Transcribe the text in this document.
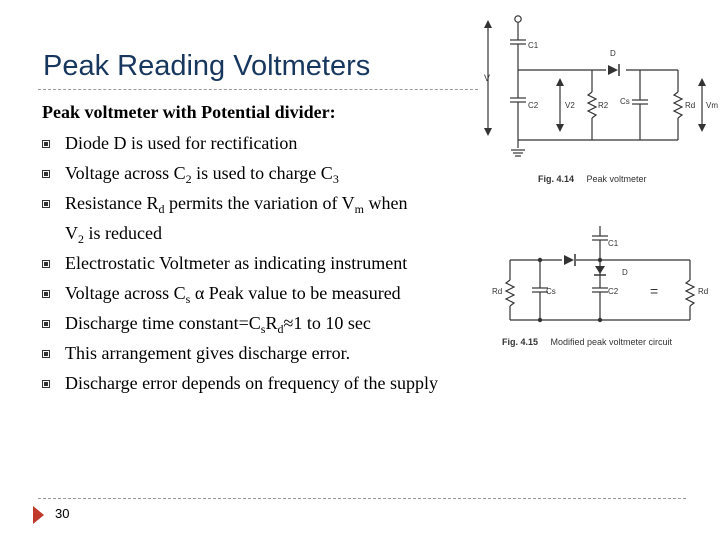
Peak Reading Voltmeters
Peak voltmeter with Potential divider:
Diode D is used for rectification
Voltage across $C_2$ is used to charge $C_3$
Resistance $R_d$ permits the variation of $V_m$ when
$V_2$ is reduced
Electrostatic Voltmeter as indicating instrument
Voltage across $C_s$ α Peak value to be measured
Discharge time $constant=C_sR_d\approx 1$ to 10 sec
This arrangement gives discharge error.
Discharge error depends on frequency of the supply
V
C1
C2	V2	R2 Cs	Rd Vm
D
Fig. 4.14 Peak voltmeter
Rd	Cs
C1
D
C2 =	Rd
Fig. 4.15 Modified peak voltmeter circuit
30
